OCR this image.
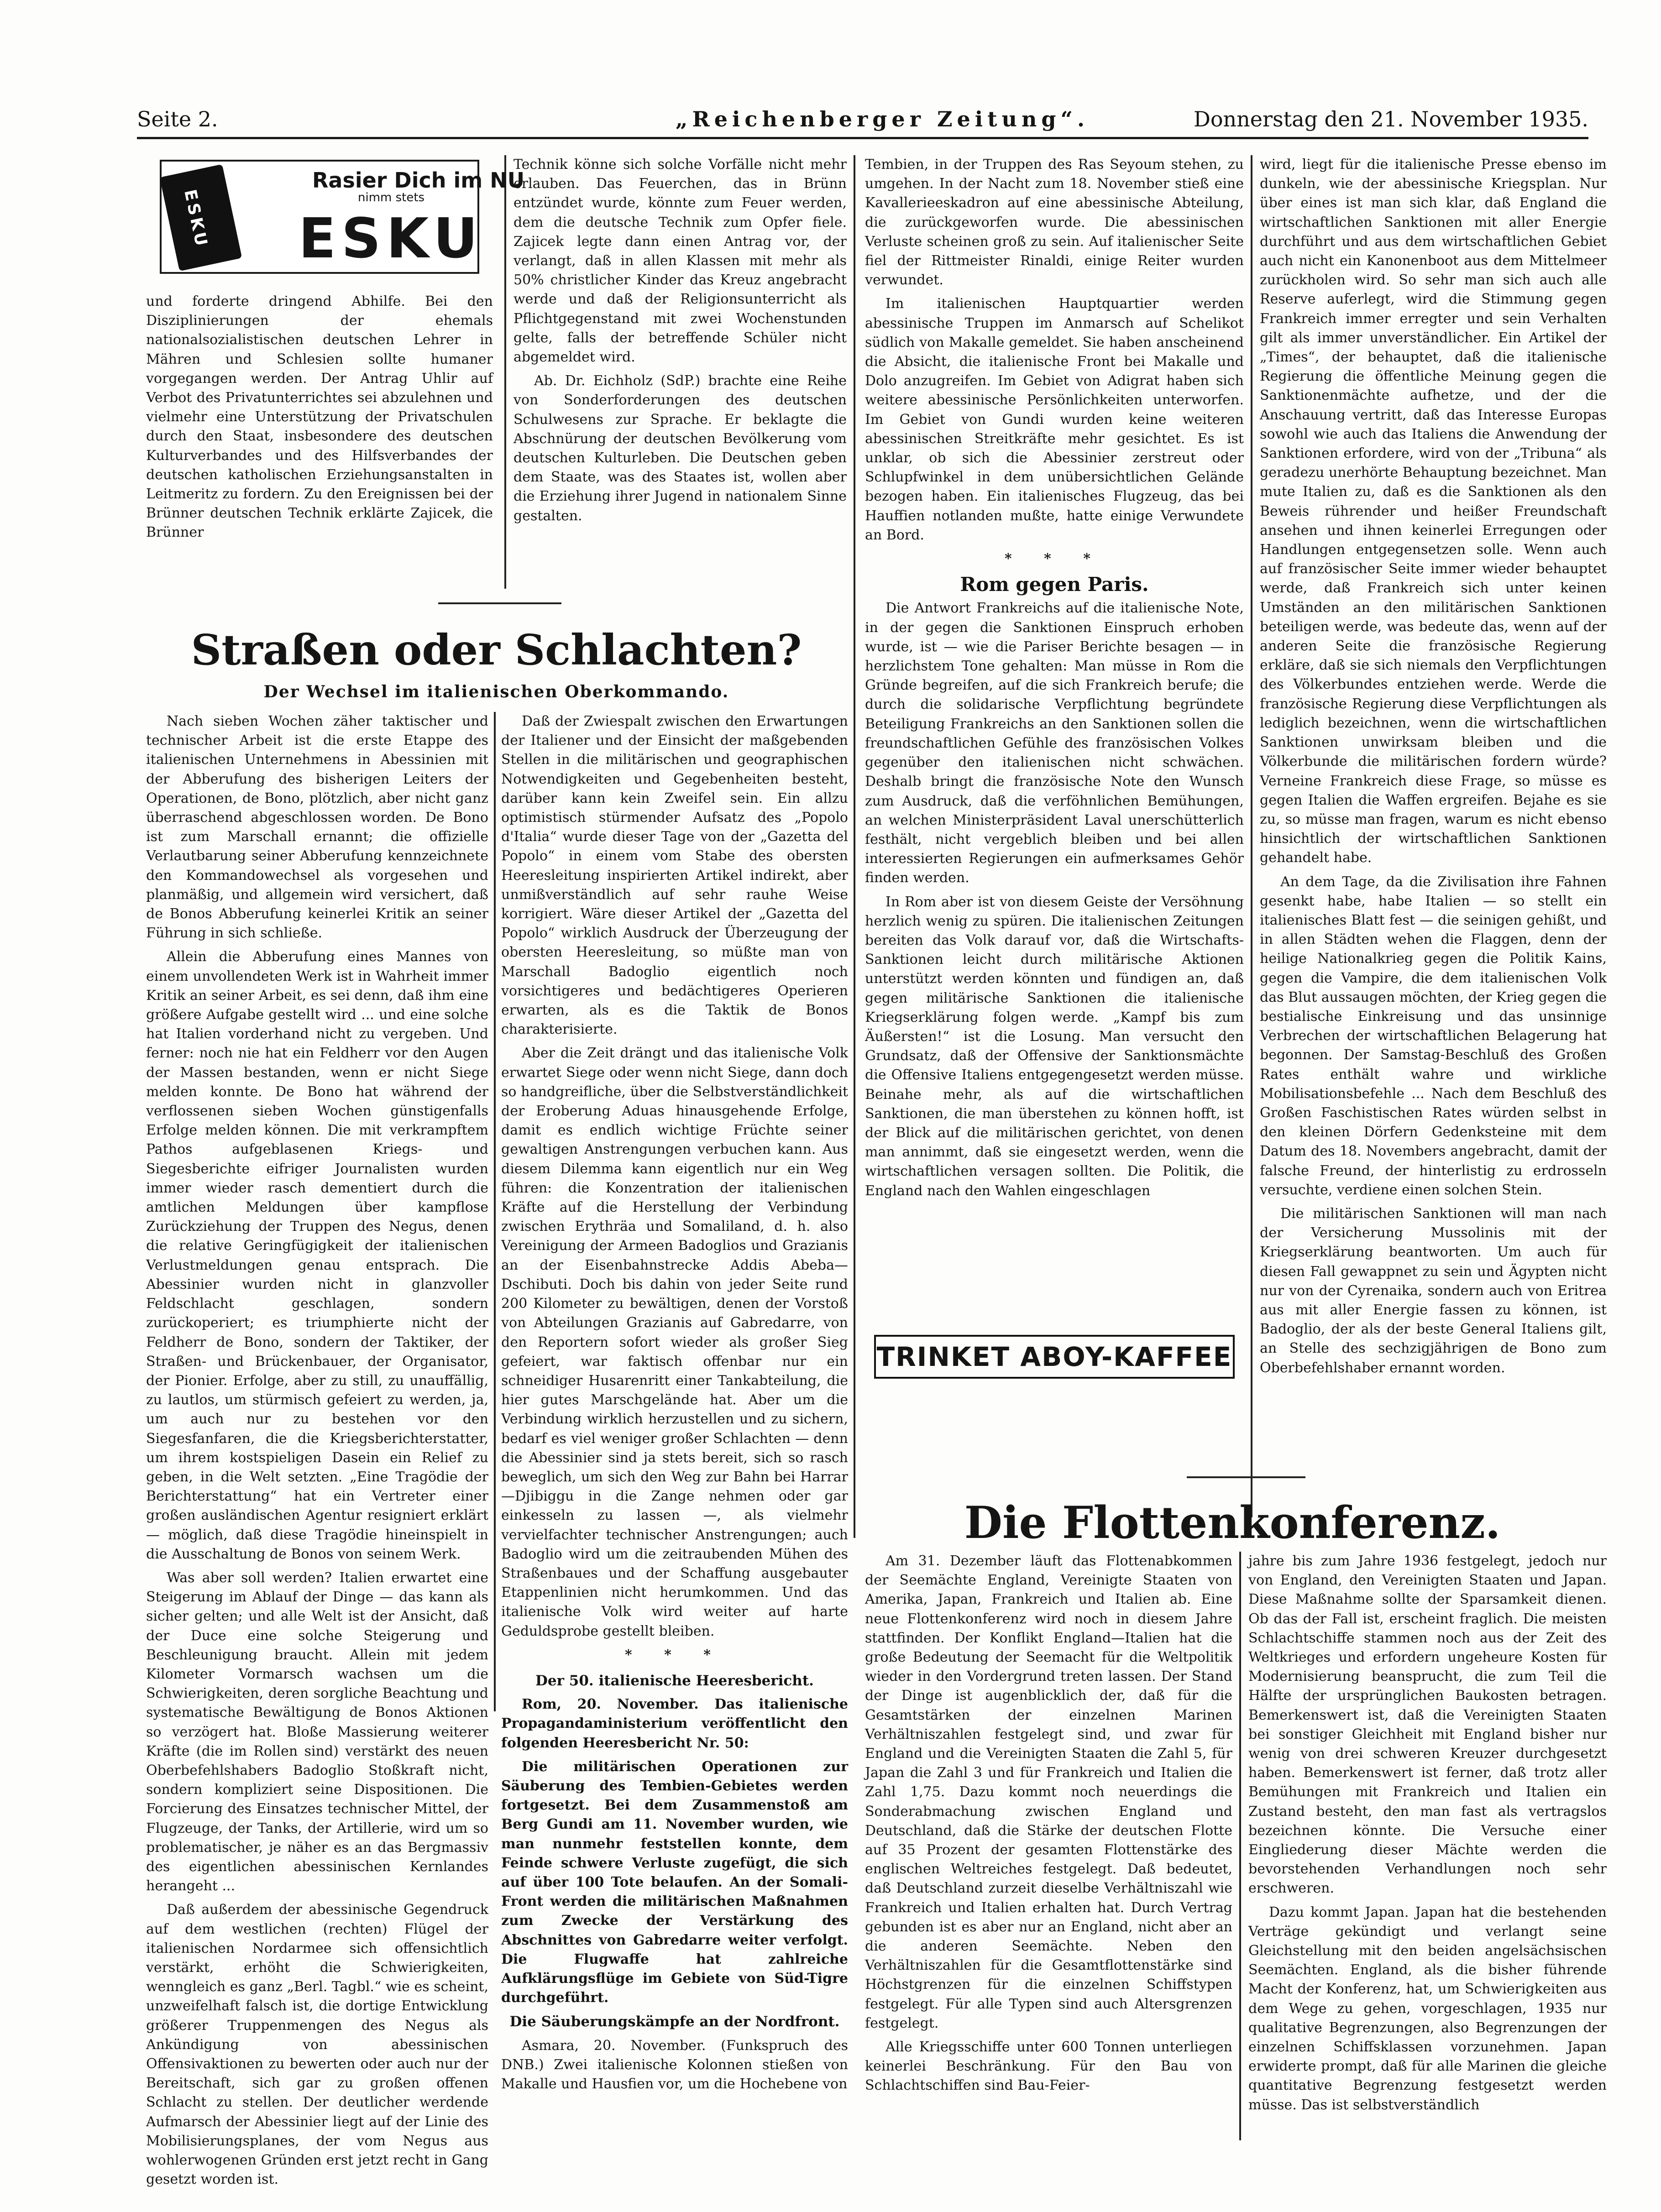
Seite 2.	„Reichenberger Zeitung“.	Donnerstag den 21. November 1935.
ESKU
Rasier Dich im NU
nimm stets
ESKU

und forderte dringend Abhilfe. Bei den Disziplinierungen der ehemals nationalsozialistischen deutschen Lehrer in Mähren und Schlesien sollte humaner vorgegangen werden. Der Antrag Uhlir auf Verbot des Privatunterrichtes sei abzulehnen und vielmehr eine Unterstützung der Privatschulen durch den Staat, insbesondere des deutschen Kulturverbandes und des Hilfsverbandes der deutschen katholischen Erziehungsanstalten in Leitmeritz zu fordern. Zu den Ereignissen bei der Brünner deutschen Technik erklärte Zajicek, die Brünner

Technik könne sich solche Vorfälle nicht mehr erlauben. Das Feuerchen, das in Brünn entzündet wurde, könnte zum Feuer werden, dem die deutsche Technik zum Opfer fiele. Zajicek legte dann einen Antrag vor, der verlangt, daß in allen Klassen mit mehr als 50% christlicher Kinder das Kreuz angebracht werde und daß der Religionsunterricht als Pflichtgegenstand mit zwei Wochenstunden gelte, falls der betreffende Schüler nicht abgemeldet wird.

Ab. Dr. Eichholz (SdP.) brachte eine Reihe von Sonderforderungen des deutschen Schulwesens zur Sprache. Er beklagte die Abschnürung der deutschen Bevölkerung vom deutschen Kulturleben. Die Deutschen geben dem Staate, was des Staates ist, wollen aber die Erziehung ihrer Jugend in nationalem Sinne gestalten.

Tembien, in der Truppen des Ras Seyoum stehen, zu umgehen. In der Nacht zum 18. November stieß eine Kavallerieeskadron auf eine abessinische Abteilung, die zurückgeworfen wurde. Die abessinischen Verluste scheinen groß zu sein. Auf italienischer Seite fiel der Rittmeister Rinaldi, einige Reiter wurden verwundet.

Im italienischen Hauptquartier werden abessinische Truppen im Anmarsch auf Schelikot südlich von Makalle gemeldet. Sie haben anscheinend die Absicht, die italienische Front bei Makalle und Dolo anzugreifen. Im Gebiet von Adigrat haben sich weitere abessinische Persönlichkeiten unterworfen. Im Gebiet von Gundi wurden keine weiteren abessinischen Streitkräfte mehr gesichtet. Es ist unklar, ob sich die Abessinier zerstreut oder Schlupfwinkel in dem unübersichtlichen Gelände bezogen haben. Ein italienisches Flugzeug, das bei Hauffien notlanden mußte, hatte einige Verwundete an Bord.

* * *
Rom gegen Paris.

Die Antwort Frankreichs auf die italienische Note, in der gegen die Sanktionen Einspruch erhoben wurde, ist — wie die Pariser Berichte besagen — in herzlichstem Tone gehalten: Man müsse in Rom die Gründe begreifen, auf die sich Frankreich berufe; die durch die solidarische Verpflichtung begründete Beteiligung Frankreichs an den Sanktionen sollen die freundschaftlichen Gefühle des französischen Volkes gegenüber den italienischen nicht schwächen. Deshalb bringt die französische Note den Wunsch zum Ausdruck, daß die verföhnlichen Bemühungen, an welchen Ministerpräsident Laval unerschütterlich festhält, nicht vergeblich bleiben und bei allen interessierten Regierungen ein aufmerksames Gehör finden werden.

In Rom aber ist von diesem Geiste der Versöhnung herzlich wenig zu spüren. Die italienischen Zeitungen bereiten das Volk darauf vor, daß die Wirtschafts-Sanktionen leicht durch militärische Aktionen unterstützt werden könnten und fündigen an, daß gegen militärische Sanktionen die italienische Kriegserklärung folgen werde. „Kampf bis zum Äußersten!“ ist die Losung. Man versucht den Grundsatz, daß der Offensive der Sanktionsmächte die Offensive Italiens entgegengesetzt werden müsse. Beinahe mehr, als auf die wirtschaftlichen Sanktionen, die man überstehen zu können hofft, ist der Blick auf die militärischen gerichtet, von denen man annimmt, daß sie eingesetzt werden, wenn die wirtschaftlichen versagen sollten. Die Politik, die England nach den Wahlen eingeschlagen

TRINKET ABOY-KAFFEE

wird, liegt für die italienische Presse ebenso im dunkeln, wie der abessinische Kriegsplan. Nur über eines ist man sich klar, daß England die wirtschaftlichen Sanktionen mit aller Energie durchführt und aus dem wirtschaftlichen Gebiet auch nicht ein Kanonenboot aus dem Mittelmeer zurückholen wird. So sehr man sich auch alle Reserve auferlegt, wird die Stimmung gegen Frankreich immer erregter und sein Verhalten gilt als immer unverständlicher. Ein Artikel der „Times“, der behauptet, daß die italienische Regierung die öffentliche Meinung gegen die Sanktionenmächte aufhetze, und der die Anschauung vertritt, daß das Interesse Europas sowohl wie auch das Italiens die Anwendung der Sanktionen erfordere, wird von der „Tribuna“ als geradezu unerhörte Behauptung bezeichnet. Man mute Italien zu, daß es die Sanktionen als den Beweis rührender und heißer Freundschaft ansehen und ihnen keinerlei Erregungen oder Handlungen entgegensetzen solle. Wenn auch auf französischer Seite immer wieder behauptet werde, daß Frankreich sich unter keinen Umständen an den militärischen Sanktionen beteiligen werde, was bedeute das, wenn auf der anderen Seite die französische Regierung erkläre, daß sie sich niemals den Verpflichtungen des Völkerbundes entziehen werde. Werde die französische Regierung diese Verpflichtungen als lediglich bezeichnen, wenn die wirtschaftlichen Sanktionen unwirksam bleiben und die Völkerbunde die militärischen fordern würde? Verneine Frankreich diese Frage, so müsse es gegen Italien die Waffen ergreifen. Bejahe es sie zu, so müsse man fragen, warum es nicht ebenso hinsichtlich der wirtschaftlichen Sanktionen gehandelt habe.

An dem Tage, da die Zivilisation ihre Fahnen gesenkt habe, habe Italien — so stellt ein italienisches Blatt fest — die seinigen gehißt, und in allen Städten wehen die Flaggen, denn der heilige Nationalkrieg gegen die Politik Kains, gegen die Vampire, die dem italienischen Volk das Blut aussaugen möchten, der Krieg gegen die bestialische Einkreisung und das unsinnige Verbrechen der wirtschaftlichen Belagerung hat begonnen. Der Samstag-Beschluß des Großen Rates enthält wahre und wirkliche Mobilisationsbefehle ... Nach dem Beschluß des Großen Faschistischen Rates würden selbst in den kleinen Dörfern Gedenksteine mit dem Datum des 18. Novembers angebracht, damit der falsche Freund, der hinterlistig zu erdrosseln versuchte, verdiene einen solchen Stein.

Die militärischen Sanktionen will man nach der Versicherung Mussolinis mit der Kriegserklärung beantworten. Um auch für diesen Fall gewappnet zu sein und Ägypten nicht nur von der Cyrenaika, sondern auch von Eritrea aus mit aller Energie fassen zu können, ist Badoglio, der als der beste General Italiens gilt, an Stelle des sechzigjährigen de Bono zum Oberbefehlshaber ernannt worden.

Straßen oder Schlachten?
Der Wechsel im italienischen Oberkommando.

Nach sieben Wochen zäher taktischer und technischer Arbeit ist die erste Etappe des italienischen Unternehmens in Abessinien mit der Abberufung des bisherigen Leiters der Operationen, de Bono, plötzlich, aber nicht ganz überraschend abgeschlossen worden. De Bono ist zum Marschall ernannt; die offizielle Verlautbarung seiner Abberufung kennzeichnete den Kommandowechsel als vorgesehen und planmäßig, und allgemein wird versichert, daß de Bonos Abberufung keinerlei Kritik an seiner Führung in sich schließe.

Allein die Abberufung eines Mannes von einem unvollendeten Werk ist in Wahrheit immer Kritik an seiner Arbeit, es sei denn, daß ihm eine größere Aufgabe gestellt wird ... und eine solche hat Italien vorderhand nicht zu vergeben. Und ferner: noch nie hat ein Feldherr vor den Augen der Massen bestanden, wenn er nicht Siege melden konnte. De Bono hat während der verflossenen sieben Wochen günstigenfalls Erfolge melden können. Die mit verkrampftem Pathos aufgeblasenen Kriegs- und Siegesberichte eifriger Journalisten wurden immer wieder rasch dementiert durch die amtlichen Meldungen über kampflose Zurückziehung der Truppen des Negus, denen die relative Geringfügigkeit der italienischen Verlustmeldungen genau entsprach. Die Abessinier wurden nicht in glanzvoller Feldschlacht geschlagen, sondern zurückoperiert; es triumphierte nicht der Feldherr de Bono, sondern der Taktiker, der Straßen- und Brückenbauer, der Organisator, der Pionier. Erfolge, aber zu still, zu unauffällig, zu lautlos, um stürmisch gefeiert zu werden, ja, um auch nur zu bestehen vor den Siegesfanfaren, die die Kriegsberichterstatter, um ihrem kostspieligen Dasein ein Relief zu geben, in die Welt setzten. „Eine Tragödie der Berichterstattung“ hat ein Vertreter einer großen ausländischen Agentur resigniert erklärt — möglich, daß diese Tragödie hineinspielt in die Ausschaltung de Bonos von seinem Werk.

Was aber soll werden? Italien erwartet eine Steigerung im Ablauf der Dinge — das kann als sicher gelten; und alle Welt ist der Ansicht, daß der Duce eine solche Steigerung und Beschleunigung braucht. Allein mit jedem Kilometer Vormarsch wachsen um die Schwierigkeiten, deren sorgliche Beachtung und systematische Bewältigung de Bonos Aktionen so verzögert hat. Bloße Massierung weiterer Kräfte (die im Rollen sind) verstärkt des neuen Oberbefehlshabers Badoglio Stoßkraft nicht, sondern kompliziert seine Dispositionen. Die Forcierung des Einsatzes technischer Mittel, der Flugzeuge, der Tanks, der Artillerie, wird um so problematischer, je näher es an das Bergmassiv des eigentlichen abessinischen Kernlandes herangeht ...

Daß außerdem der abessinische Gegendruck auf dem westlichen (rechten) Flügel der italienischen Nordarmee sich offensichtlich verstärkt, erhöht die Schwierigkeiten, wenngleich es ganz „Berl. Tagbl.“ wie es scheint, unzweifelhaft falsch ist, die dortige Entwicklung größerer Truppenmengen des Negus als Ankündigung von abessinischen Offensivaktionen zu bewerten oder auch nur der Bereitschaft, sich gar zu großen offenen Schlacht zu stellen. Der deutlicher werdende Aufmarsch der Abessinier liegt auf der Linie des Mobilisierungsplanes, der vom Negus aus wohlerwogenen Gründen erst jetzt recht in Gang gesetzt worden ist.

Daß der Zwiespalt zwischen den Erwartungen der Italiener und der Einsicht der maßgebenden Stellen in die militärischen und geographischen Notwendigkeiten und Gegebenheiten besteht, darüber kann kein Zweifel sein. Ein allzu optimistisch stürmender Aufsatz des „Popolo d'Italia“ wurde dieser Tage von der „Gazetta del Popolo“ in einem vom Stabe des obersten Heeresleitung inspirierten Artikel indirekt, aber unmißverständlich auf sehr rauhe Weise korrigiert. Wäre dieser Artikel der „Gazetta del Popolo“ wirklich Ausdruck der Überzeugung der obersten Heeresleitung, so müßte man von Marschall Badoglio eigentlich noch vorsichtigeres und bedächtigeres Operieren erwarten, als es die Taktik de Bonos charakterisierte.

Aber die Zeit drängt und das italienische Volk erwartet Siege oder wenn nicht Siege, dann doch so handgreifliche, über die Selbstverständlichkeit der Eroberung Aduas hinausgehende Erfolge, damit es endlich wichtige Früchte seiner gewaltigen Anstrengungen verbuchen kann. Aus diesem Dilemma kann eigentlich nur ein Weg führen: die Konzentration der italienischen Kräfte auf die Herstellung der Verbindung zwischen Erythräa und Somaliland, d. h. also Vereinigung der Armeen Badoglios und Grazianis an der Eisenbahnstrecke Addis Abeba—Dschibuti. Doch bis dahin von jeder Seite rund 200 Kilometer zu bewältigen, denen der Vorstoß von Abteilungen Grazianis auf Gabredarre, von den Reportern sofort wieder als großer Sieg gefeiert, war faktisch offenbar nur ein schneidiger Husarenritt einer Tankabteilung, die hier gutes Marschgelände hat. Aber um die Verbindung wirklich herzustellen und zu sichern, bedarf es viel weniger großer Schlachten — denn die Abessinier sind ja stets bereit, sich so rasch beweglich, um sich den Weg zur Bahn bei Harrar—Djibiggu in die Zange nehmen oder gar einkesseln zu lassen —, als vielmehr vervielfachter technischer Anstrengungen; auch Badoglio wird um die zeitraubenden Mühen des Straßenbaues und der Schaffung ausgebauter Etappenlinien nicht herumkommen. Und das italienische Volk wird weiter auf harte Geduldsprobe gestellt bleiben.

* * *
Der 50. italienische Heeresbericht.

Rom, 20. November. Das italienische Propagandaministerium veröffentlicht den folgenden Heeresbericht Nr. 50:

Die militärischen Operationen zur Säuberung des Tembien-Gebietes werden fortgesetzt. Bei dem Zusammenstoß am Berg Gundi am 11. November wurden, wie man nunmehr feststellen konnte, dem Feinde schwere Verluste zugefügt, die sich auf über 100 Tote belaufen. An der Somali-Front werden die militärischen Maßnahmen zum Zwecke der Verstärkung des Abschnittes von Gabredarre weiter verfolgt. Die Flugwaffe hat zahlreiche Aufklärungsflüge im Gebiete von Süd-Tigre durchgeführt.

Die Säuberungskämpfe an der Nordfront.

Asmara, 20. November. (Funkspruch des DNB.) Zwei italienische Kolonnen stießen von Makalle und Hausfien vor, um die Hochebene von

Die Flottenkonferenz.

Am 31. Dezember läuft das Flottenabkommen der Seemächte England, Vereinigte Staaten von Amerika, Japan, Frankreich und Italien ab. Eine neue Flottenkonferenz wird noch in diesem Jahre stattfinden. Der Konflikt England—Italien hat die große Bedeutung der Seemacht für die Weltpolitik wieder in den Vordergrund treten lassen. Der Stand der Dinge ist augenblicklich der, daß für die Gesamtstärken der einzelnen Marinen Verhältniszahlen festgelegt sind, und zwar für England und die Vereinigten Staaten die Zahl 5, für Japan die Zahl 3 und für Frankreich und Italien die Zahl 1,75. Dazu kommt noch neuerdings die Sonderabmachung zwischen England und Deutschland, daß die Stärke der deutschen Flotte auf 35 Prozent der gesamten Flottenstärke des englischen Weltreiches festgelegt. Daß bedeutet, daß Deutschland zurzeit dieselbe Verhältniszahl wie Frankreich und Italien erhalten hat. Durch Vertrag gebunden ist es aber nur an England, nicht aber an die anderen Seemächte. Neben den Verhältniszahlen für die Gesamtflottenstärke sind Höchstgrenzen für die einzelnen Schiffstypen festgelegt. Für alle Typen sind auch Altersgrenzen festgelegt.

Alle Kriegsschiffe unter 600 Tonnen unterliegen keinerlei Beschränkung. Für den Bau von Schlachtschiffen sind Bau-Feier-

jahre bis zum Jahre 1936 festgelegt, jedoch nur von England, den Vereinigten Staaten und Japan. Diese Maßnahme sollte der Sparsamkeit dienen. Ob das der Fall ist, erscheint fraglich. Die meisten Schlachtschiffe stammen noch aus der Zeit des Weltkrieges und erfordern ungeheure Kosten für Modernisierung beansprucht, die zum Teil die Hälfte der ursprünglichen Baukosten betragen. Bemerkenswert ist, daß die Vereinigten Staaten bei sonstiger Gleichheit mit England bisher nur wenig von drei schweren Kreuzer durchgesetzt haben. Bemerkenswert ist ferner, daß trotz aller Bemühungen mit Frankreich und Italien ein Zustand besteht, den man fast als vertragslos bezeichnen könnte. Die Versuche einer Eingliederung dieser Mächte werden die bevorstehenden Verhandlungen noch sehr erschweren.

Dazu kommt Japan. Japan hat die bestehenden Verträge gekündigt und verlangt seine Gleichstellung mit den beiden angelsächsischen Seemächten. England, als die bisher führende Macht der Konferenz, hat, um Schwierigkeiten aus dem Wege zu gehen, vorgeschlagen, 1935 nur qualitative Begrenzungen, also Begrenzungen der einzelnen Schiffsklassen vorzunehmen. Japan erwiderte prompt, daß für alle Marinen die gleiche quantitative Begrenzung festgesetzt werden müsse. Das ist selbstverständlich
